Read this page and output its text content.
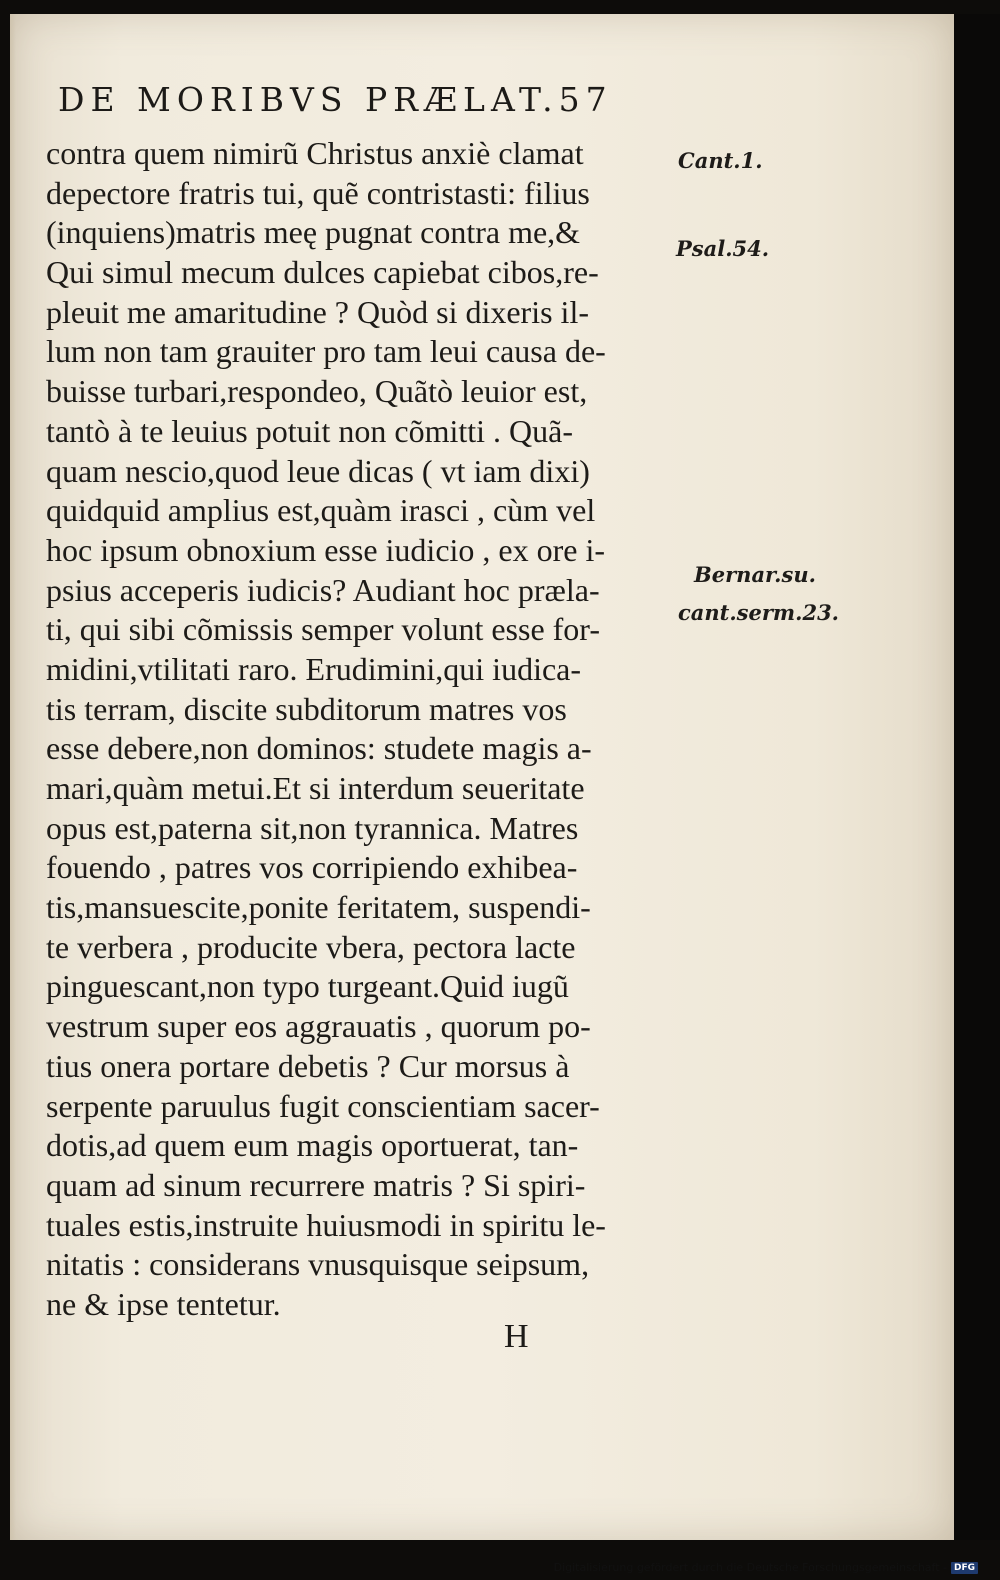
DE MORIBVS PRÆLAT.57
contra quem nimirũ Christus anxiè clamat
depectore fratris tui, quẽ contristasti: filius
(inquiens)matris meę pugnat contra me,&
Qui simul mecum dulces capiebat cibos,re-
pleuit me amaritudine ? Quòd si dixeris il-
lum non tam grauiter pro tam leui causa de-
buisse turbari,respondeo, Quãtò leuior est,
tantò à te leuius potuit non cõmitti . Quã-
quam nescio,quod leue dicas ( vt iam dixi)
quidquid amplius est,quàm irasci , cùm vel
hoc ipsum obnoxium esse iudicio , ex ore i-
psius acceperis iudicis? Audiant hoc præla-
ti, qui sibi cõmissis semper volunt esse for-
midini,vtilitati raro. Erudimini,qui iudica-
tis terram, discite subditorum matres vos
esse debere,non dominos: studete magis a-
mari,quàm metui.Et si interdum seueritate
opus est,paterna sit,non tyrannica. Matres
fouendo , patres vos corripiendo exhibea-
tis,mansuescite,ponite feritatem, suspendi-
te verbera , producite vbera, pectora lacte
pinguescant,non typo turgeant.Quid iugũ
vestrum super eos aggrauatis , quorum po-
tius onera portare debetis ? Cur morsus à
serpente paruulus fugit conscientiam sacer-
dotis,ad quem eum magis oportuerat, tan-
quam ad sinum recurrere matris ? Si spiri-
tuales estis,instruite huiusmodi in spiritu le-
nitatis : considerans vnusquisque seipsum,
ne & ipse tentetur.
Cant.1.
Psal.54.
Bernar.su.
cant.serm.23.
H
Digitalisierung gefördert durch die Deutsche Forschungsgemeinschaft - DFG
